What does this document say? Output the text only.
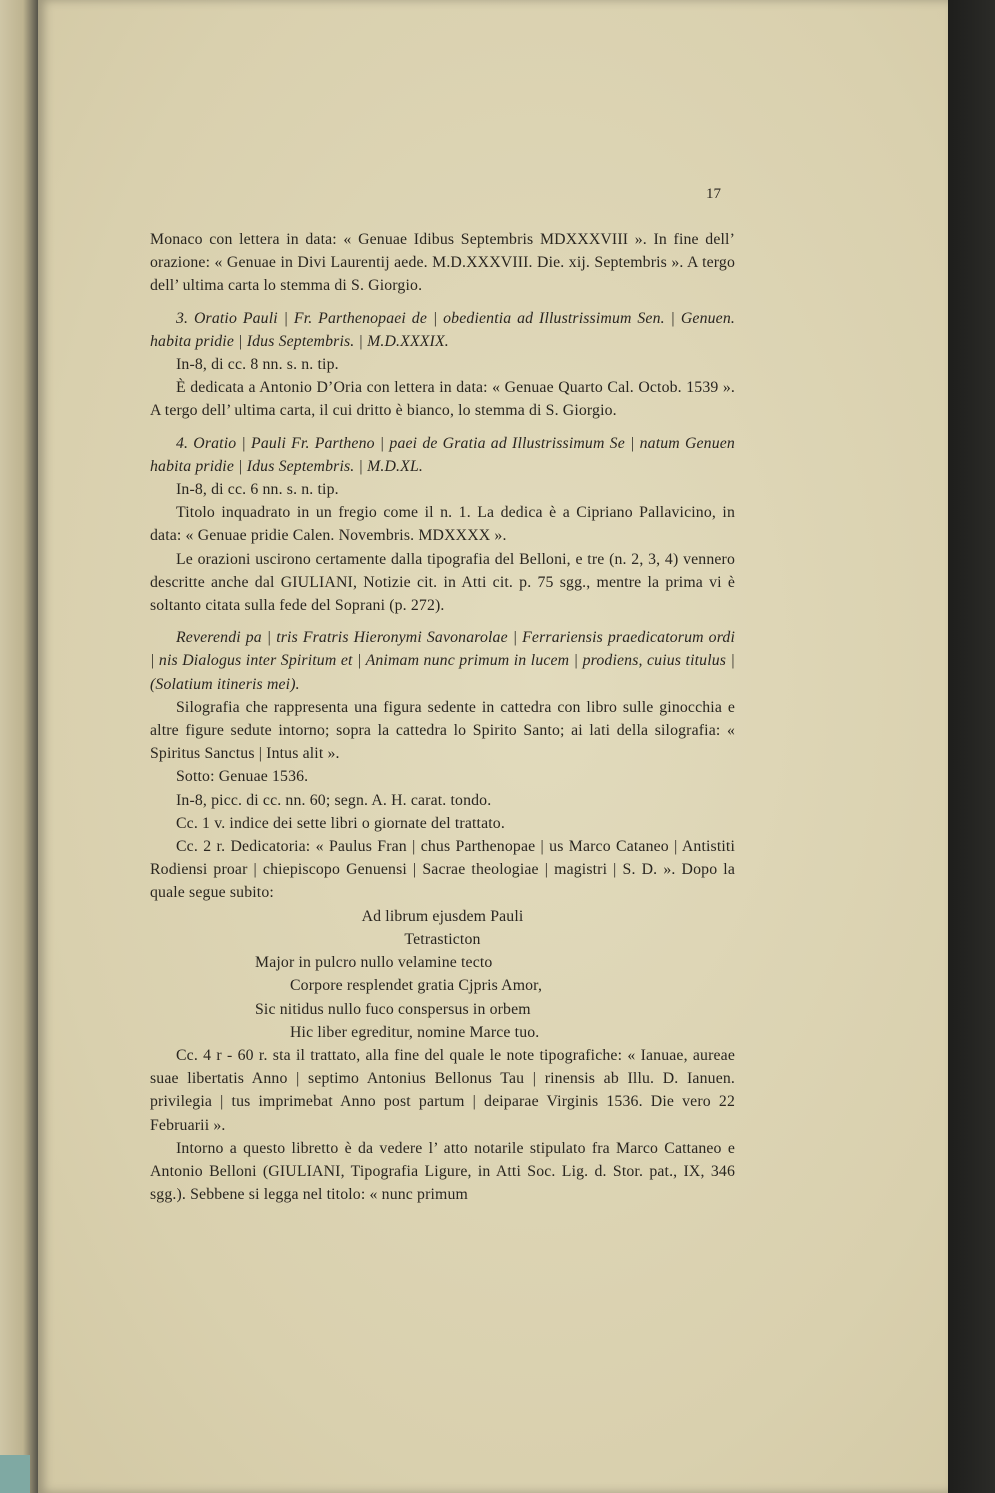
17

Monaco con lettera in data: « Genuae Idibus Septembris MDXXXVIII ». In fine dell’ orazione: « Genuae in Divi Laurentij aede. M.D.XXXVIII. Die. xij. Septembris ». A tergo dell’ ultima carta lo stemma di S. Giorgio.

3. Oratio Pauli | Fr. Parthenopaei de | obedientia ad Illustrissimum Sen. | Genuen. habita pridie | Idus Septembris. | M.D.XXXIX.

In-8, di cc. 8 nn. s. n. tip.

È dedicata a Antonio D’Oria con lettera in data: « Genuae Quarto Cal. Octob. 1539 ». A tergo dell’ ultima carta, il cui dritto è bianco, lo stemma di S. Giorgio.

4. Oratio | Pauli Fr. Partheno | paei de Gratia ad Illustrissimum Se | natum Genuen habita pridie | Idus Septembris. | M.D.XL.

In-8, di cc. 6 nn. s. n. tip.

Titolo inquadrato in un fregio come il n. 1. La dedica è a Cipriano Pallavicino, in data: « Genuae pridie Calen. Novembris. MDXXXX ».

Le orazioni uscirono certamente dalla tipografia del Belloni, e tre (n. 2, 3, 4) vennero descritte anche dal GIULIANI, Notizie cit. in Atti cit. p. 75 sgg., mentre la prima vi è soltanto citata sulla fede del Soprani (p. 272).

Reverendi pa | tris Fratris Hieronymi Savonarolae | Ferrariensis praedicatorum ordi | nis Dialogus inter Spiritum et | Animam nunc primum in lucem | prodiens, cuius titulus | (Solatium itineris mei).

Silografia che rappresenta una figura sedente in cattedra con libro sulle ginocchia e altre figure sedute intorno; sopra la cattedra lo Spirito Santo; ai lati della silografia: « Spiritus Sanctus | Intus alit ».

Sotto: Genuae 1536.

In-8, picc. di cc. nn. 60; segn. A. H. carat. tondo.

Cc. 1 v. indice dei sette libri o giornate del trattato.

Cc. 2 r. Dedicatoria: « Paulus Fran | chus Parthenopae | us Marco Cataneo | Antistiti Rodiensi proar | chiepiscopo Genuensi | Sacrae theologiae | magistri | S. D. ». Dopo la quale segue subito:

Ad librum ejusdem Pauli

Tetrasticton

Major in pulcro nullo velamine tecto

Corpore resplendet gratia Cjpris Amor,

Sic nitidus nullo fuco conspersus in orbem

Hic liber egreditur, nomine Marce tuo.

Cc. 4 r - 60 r. sta il trattato, alla fine del quale le note tipografiche: « Ianuae, aureae suae libertatis Anno | septimo Antonius Bellonus Tau | rinensis ab Illu. D. Ianuen. privilegia | tus imprimebat Anno post partum | deiparae Virginis 1536. Die vero 22 Februarii ».

Intorno a questo libretto è da vedere l’ atto notarile stipulato fra Marco Cattaneo e Antonio Belloni (GIULIANI, Tipografia Ligure, in Atti Soc. Lig. d. Stor. pat., IX, 346 sgg.). Sebbene si legga nel titolo: « nunc primum
